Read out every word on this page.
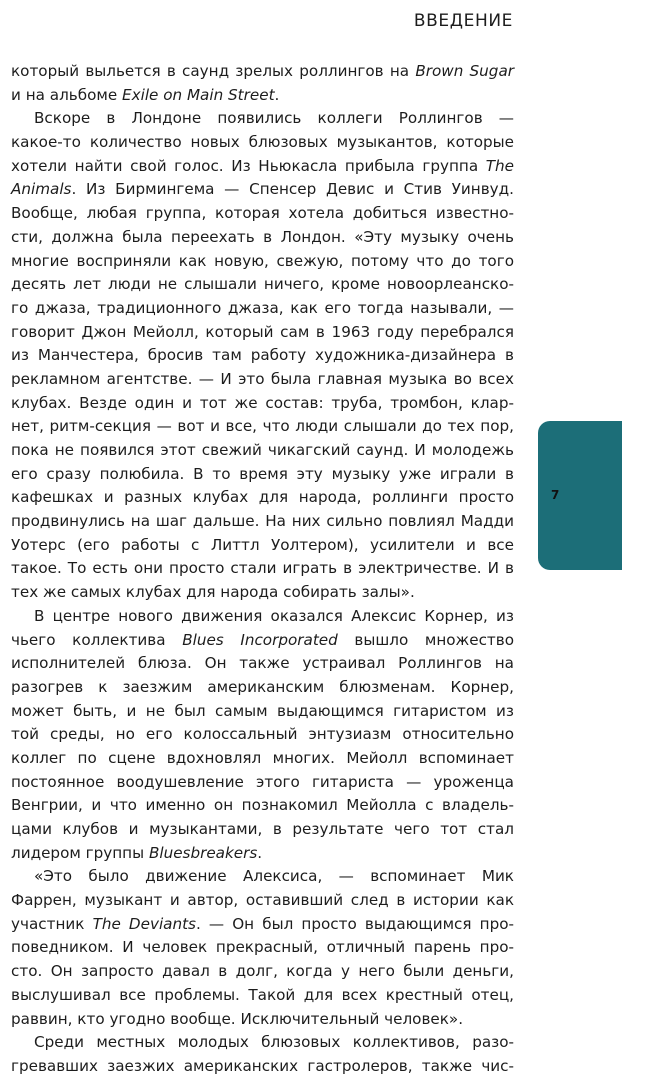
ВВЕДЕНИЕ
7
который выльется в саунд зрелых роллингов на Brown Sugar
и на альбоме Exile on Main Street.
Вскоре в Лондоне появились коллеги Роллингов —
какое-то количество новых блюзовых музыкантов, которые
хотели найти свой голос. Из Ньюкасла прибыла группа The
Animals. Из Бирмингема — Спенсер Девис и Стив Уинвуд.
Вообще, любая группа, которая хотела добиться известно-
сти, должна была переехать в Лондон. «Эту музыку очень
многие восприняли как новую, свежую, потому что до того
десять лет люди не слышали ничего, кроме новоорлеанско-
го джаза, традиционного джаза, как его тогда называли, —
говорит Джон Мейолл, который сам в 1963 году перебрался
из Манчестера, бросив там работу художника-дизайнера в
рекламном агентстве. — И это была главная музыка во всех
клубах. Везде один и тот же состав: труба, тромбон, клар-
нет, ритм-секция — вот и все, что люди слышали до тех пор,
пока не появился этот свежий чикагский саунд. И молодежь
его сразу полюбила. В то время эту музыку уже играли в
кафешках и разных клубах для народа, роллинги просто
продвинулись на шаг дальше. На них сильно повлиял Мадди
Уотерс (его работы с Литтл Уолтером), усилители и все
такое. То есть они просто стали играть в электричестве. И в
тех же самых клубах для народа собирать залы».
В центре нового движения оказался Алексис Корнер, из
чьего коллектива Blues Incorporated вышло множество
исполнителей блюза. Он также устраивал Роллингов на
разогрев к заезжим американским блюзменам. Корнер,
может быть, и не был самым выдающимся гитаристом из
той среды, но его колоссальный энтузиазм относительно
коллег по сцене вдохновлял многих. Мейолл вспоминает
постоянное воодушевление этого гитариста — уроженца
Венгрии, и что именно он познакомил Мейолла с владель-
цами клубов и музыкантами, в результате чего тот стал
лидером группы Bluesbreakers.
«Это было движение Алексиса, — вспоминает Мик
Фаррен, музыкант и автор, оставивший след в истории как
участник The Deviants. — Он был просто выдающимся про-
поведником. И человек прекрасный, отличный парень про-
сто. Он запросто давал в долг, когда у него были деньги,
выслушивал все проблемы. Такой для всех крестный отец,
раввин, кто угодно вообще. Исключительный человек».
Среди местных молодых блюзовых коллективов, разо-
гревавших заезжих американских гастролеров, также чис-
